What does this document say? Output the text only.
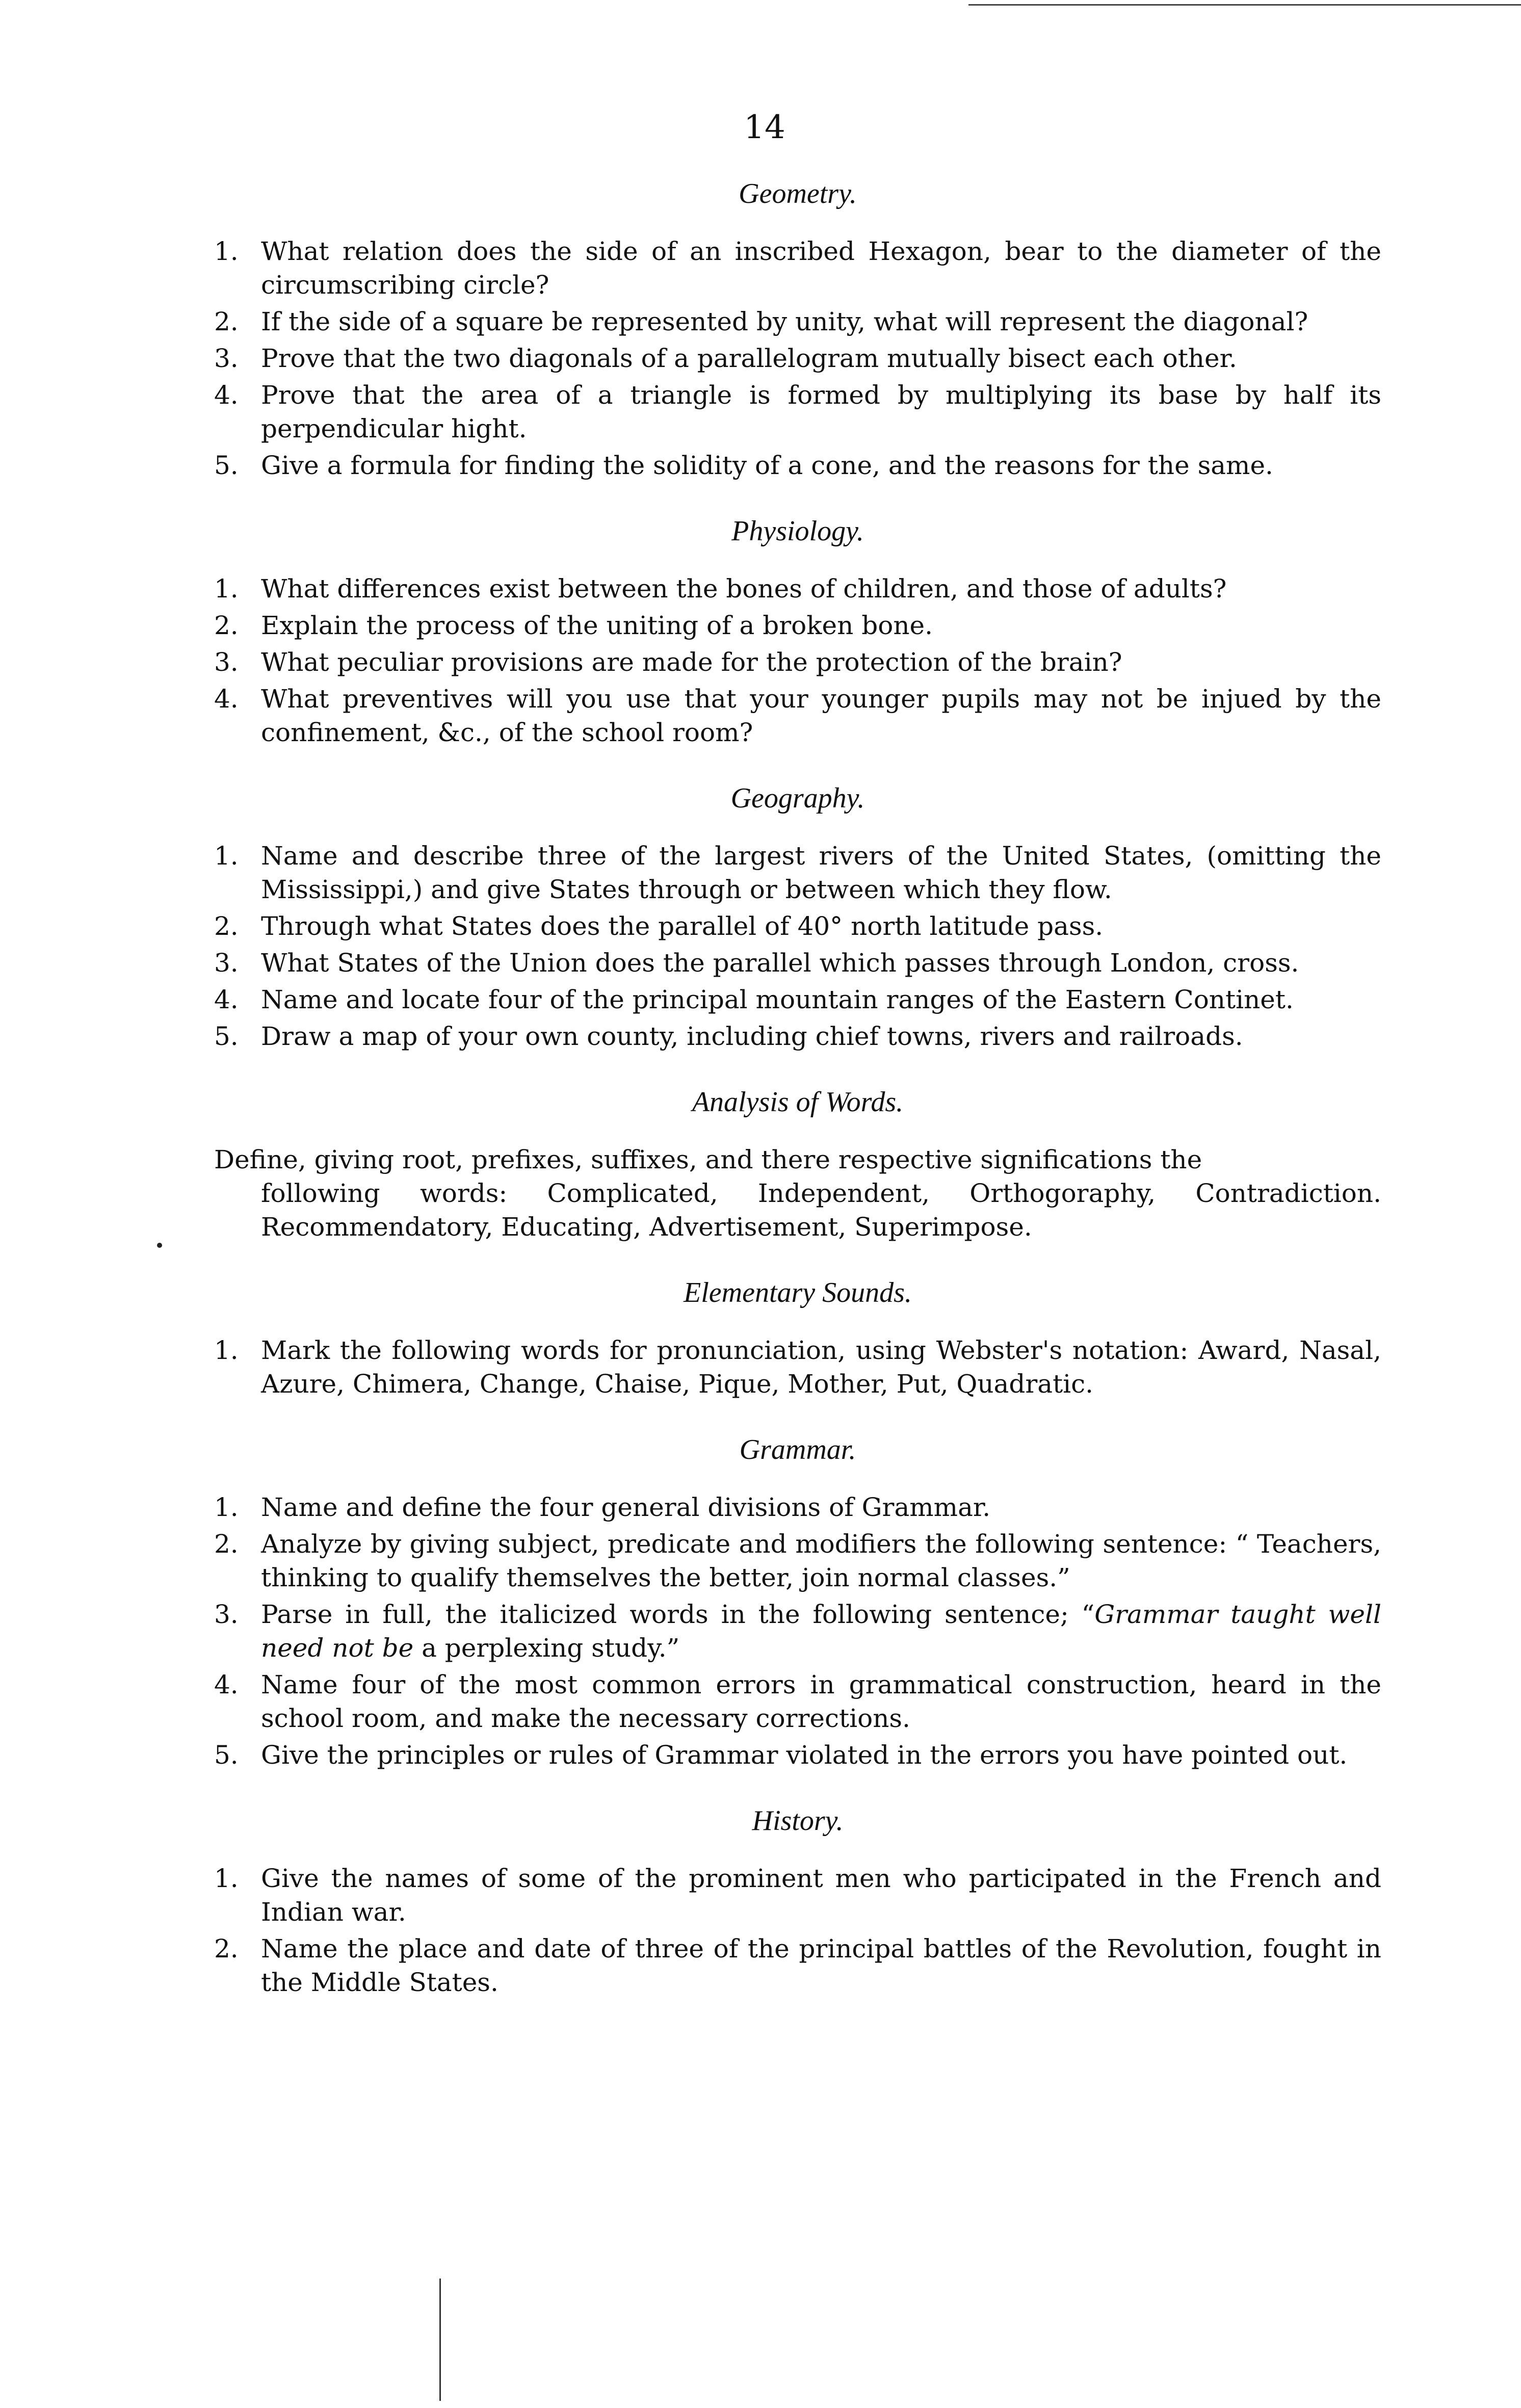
14
Geometry.
1. What relation does the side of an inscribed Hexagon, bear to the diameter of the circumscribing circle?
2. If the side of a square be represented by unity, what will represent the diagonal?
3. Prove that the two diagonals of a parallelogram mutually bisect each other.
4. Prove that the area of a triangle is formed by multiplying its base by half its perpendicular hight.
5. Give a formula for finding the solidity of a cone, and the reasons for the same.
Physiology.
1. What differences exist between the bones of children, and those of adults?
2. Explain the process of the uniting of a broken bone.
3. What peculiar provisions are made for the protection of the brain?
4. What preventives will you use that your younger pupils may not be injued by the confinement, &c., of the school room?
Geography.
1. Name and describe three of the largest rivers of the United States, (omitting the Mississippi,) and give States through or between which they flow.
2. Through what States does the parallel of 40° north latitude pass.
3. What States of the Union does the parallel which passes through London, cross.
4. Name and locate four of the principal mountain ranges of the Eastern Continet.
5. Draw a map of your own county, including chief towns, rivers and railroads.
Analysis of Words.
Define, giving root, prefixes, suffixes, and there respective significations the
following words: Complicated, Independent, Orthogoraphy, Contradiction. Recommendatory, Educating, Advertisement, Superimpose.
Elementary Sounds.
1. Mark the following words for pronunciation, using Webster's notation: Award, Nasal, Azure, Chimera, Change, Chaise, Pique, Mother, Put, Quadratic.
Grammar.
1. Name and define the four general divisions of Grammar.
2. Analyze by giving subject, predicate and modifiers the following sentence: “ Teachers, thinking to qualify themselves the better, join normal classes.”
3. Parse in full, the italicized words in the following sentence; “Grammar taught well need not be a perplexing study.”
4. Name four of the most common errors in grammatical construction, heard in the school room, and make the necessary corrections.
5. Give the principles or rules of Grammar violated in the errors you have pointed out.
History.
1. Give the names of some of the prominent men who participated in the French and Indian war.
2. Name the place and date of three of the principal battles of the Revolution, fought in the Middle States.
